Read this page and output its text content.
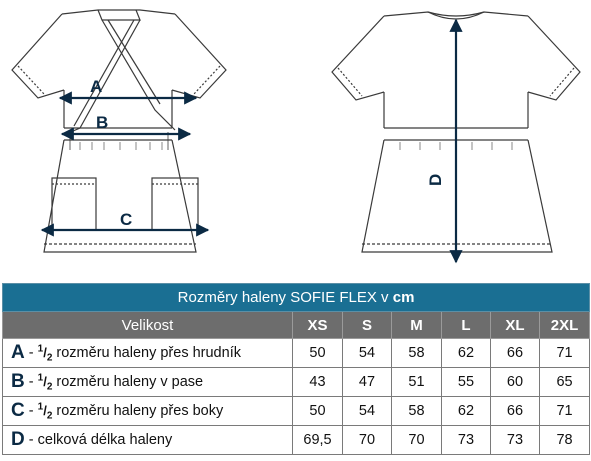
A
B
C
D
Rozměry haleny SOFIE FLEX v cm						
Velikost	XS	S	M	L	XL	2XL
A - $^1/_2$ rozměru haleny přes hrudník	50	54	58	62	66	71
B - $^1/_2$ rozměru haleny v pase	43	47	51	55	60	65
C - $^1/_2$ rozměru haleny přes boky	50	54	58	62	66	71
D - celková délka haleny	69,5	70	70	73	73	78
